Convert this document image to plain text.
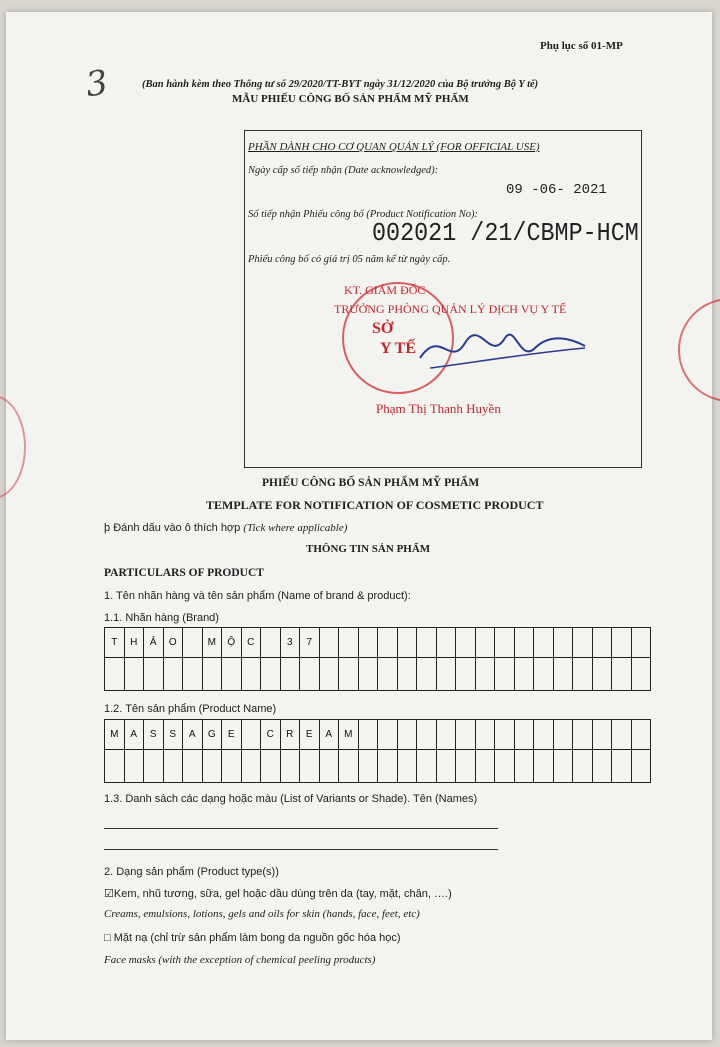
Phụ lục số 01-MP
3	(Ban hành kèm theo Thông tư số 29/2020/TT-BYT ngày 31/12/2020 của Bộ trưởng Bộ Y tế)
MẪU PHIẾU CÔNG BỐ SẢN PHẨM MỸ PHẨM
PHẦN DÀNH CHO CƠ QUAN QUẢN LÝ (FOR OFFICIAL USE)
Ngày cấp số tiếp nhận (Date acknowledged):
09 -06- 2021
Số tiếp nhận Phiếu công bố (Product Notification No):
002021 /21/CBMP-HCM
Phiếu công bố có giá trị 05 năm kể từ ngày cấp.
KT. GIÁM ĐỐC
TRƯỞNG PHÒNG QUẢN LÝ DỊCH VỤ Y TẾ
SỞ
Y TẾ
Phạm Thị Thanh Huyền
PHIẾU CÔNG BỐ SẢN PHẨM MỸ PHẨM
TEMPLATE FOR NOTIFICATION OF COSMETIC PRODUCT
þ Đánh dấu vào ô thích hợp (Tick where applicable)
THÔNG TIN SẢN PHẨM
PARTICULARS OF PRODUCT
1. Tên nhãn hàng và tên sản phẩm (Name of brand & product):
1.1. Nhãn hàng (Brand)
T	H	Ả	O	M	Ộ	C	3	7
1.2. Tên sản phẩm (Product Name)
M	A	S	S	A	G	E	C	R	E	A	M
1.3. Danh sách các dạng hoặc màu (List of Variants or Shade). Tên (Names)
2. Dạng sản phẩm (Product type(s))
☑Kem, nhũ tương, sữa, gel hoặc dầu dùng trên da (tay, mặt, chân, ….)
Creams, emulsions, lotions, gels and oils for skin (hands, face, feet, etc)
□ Mặt nạ (chỉ trừ sản phẩm làm bong da nguồn gốc hóa học)
Face masks (with the exception of chemical peeling products)
